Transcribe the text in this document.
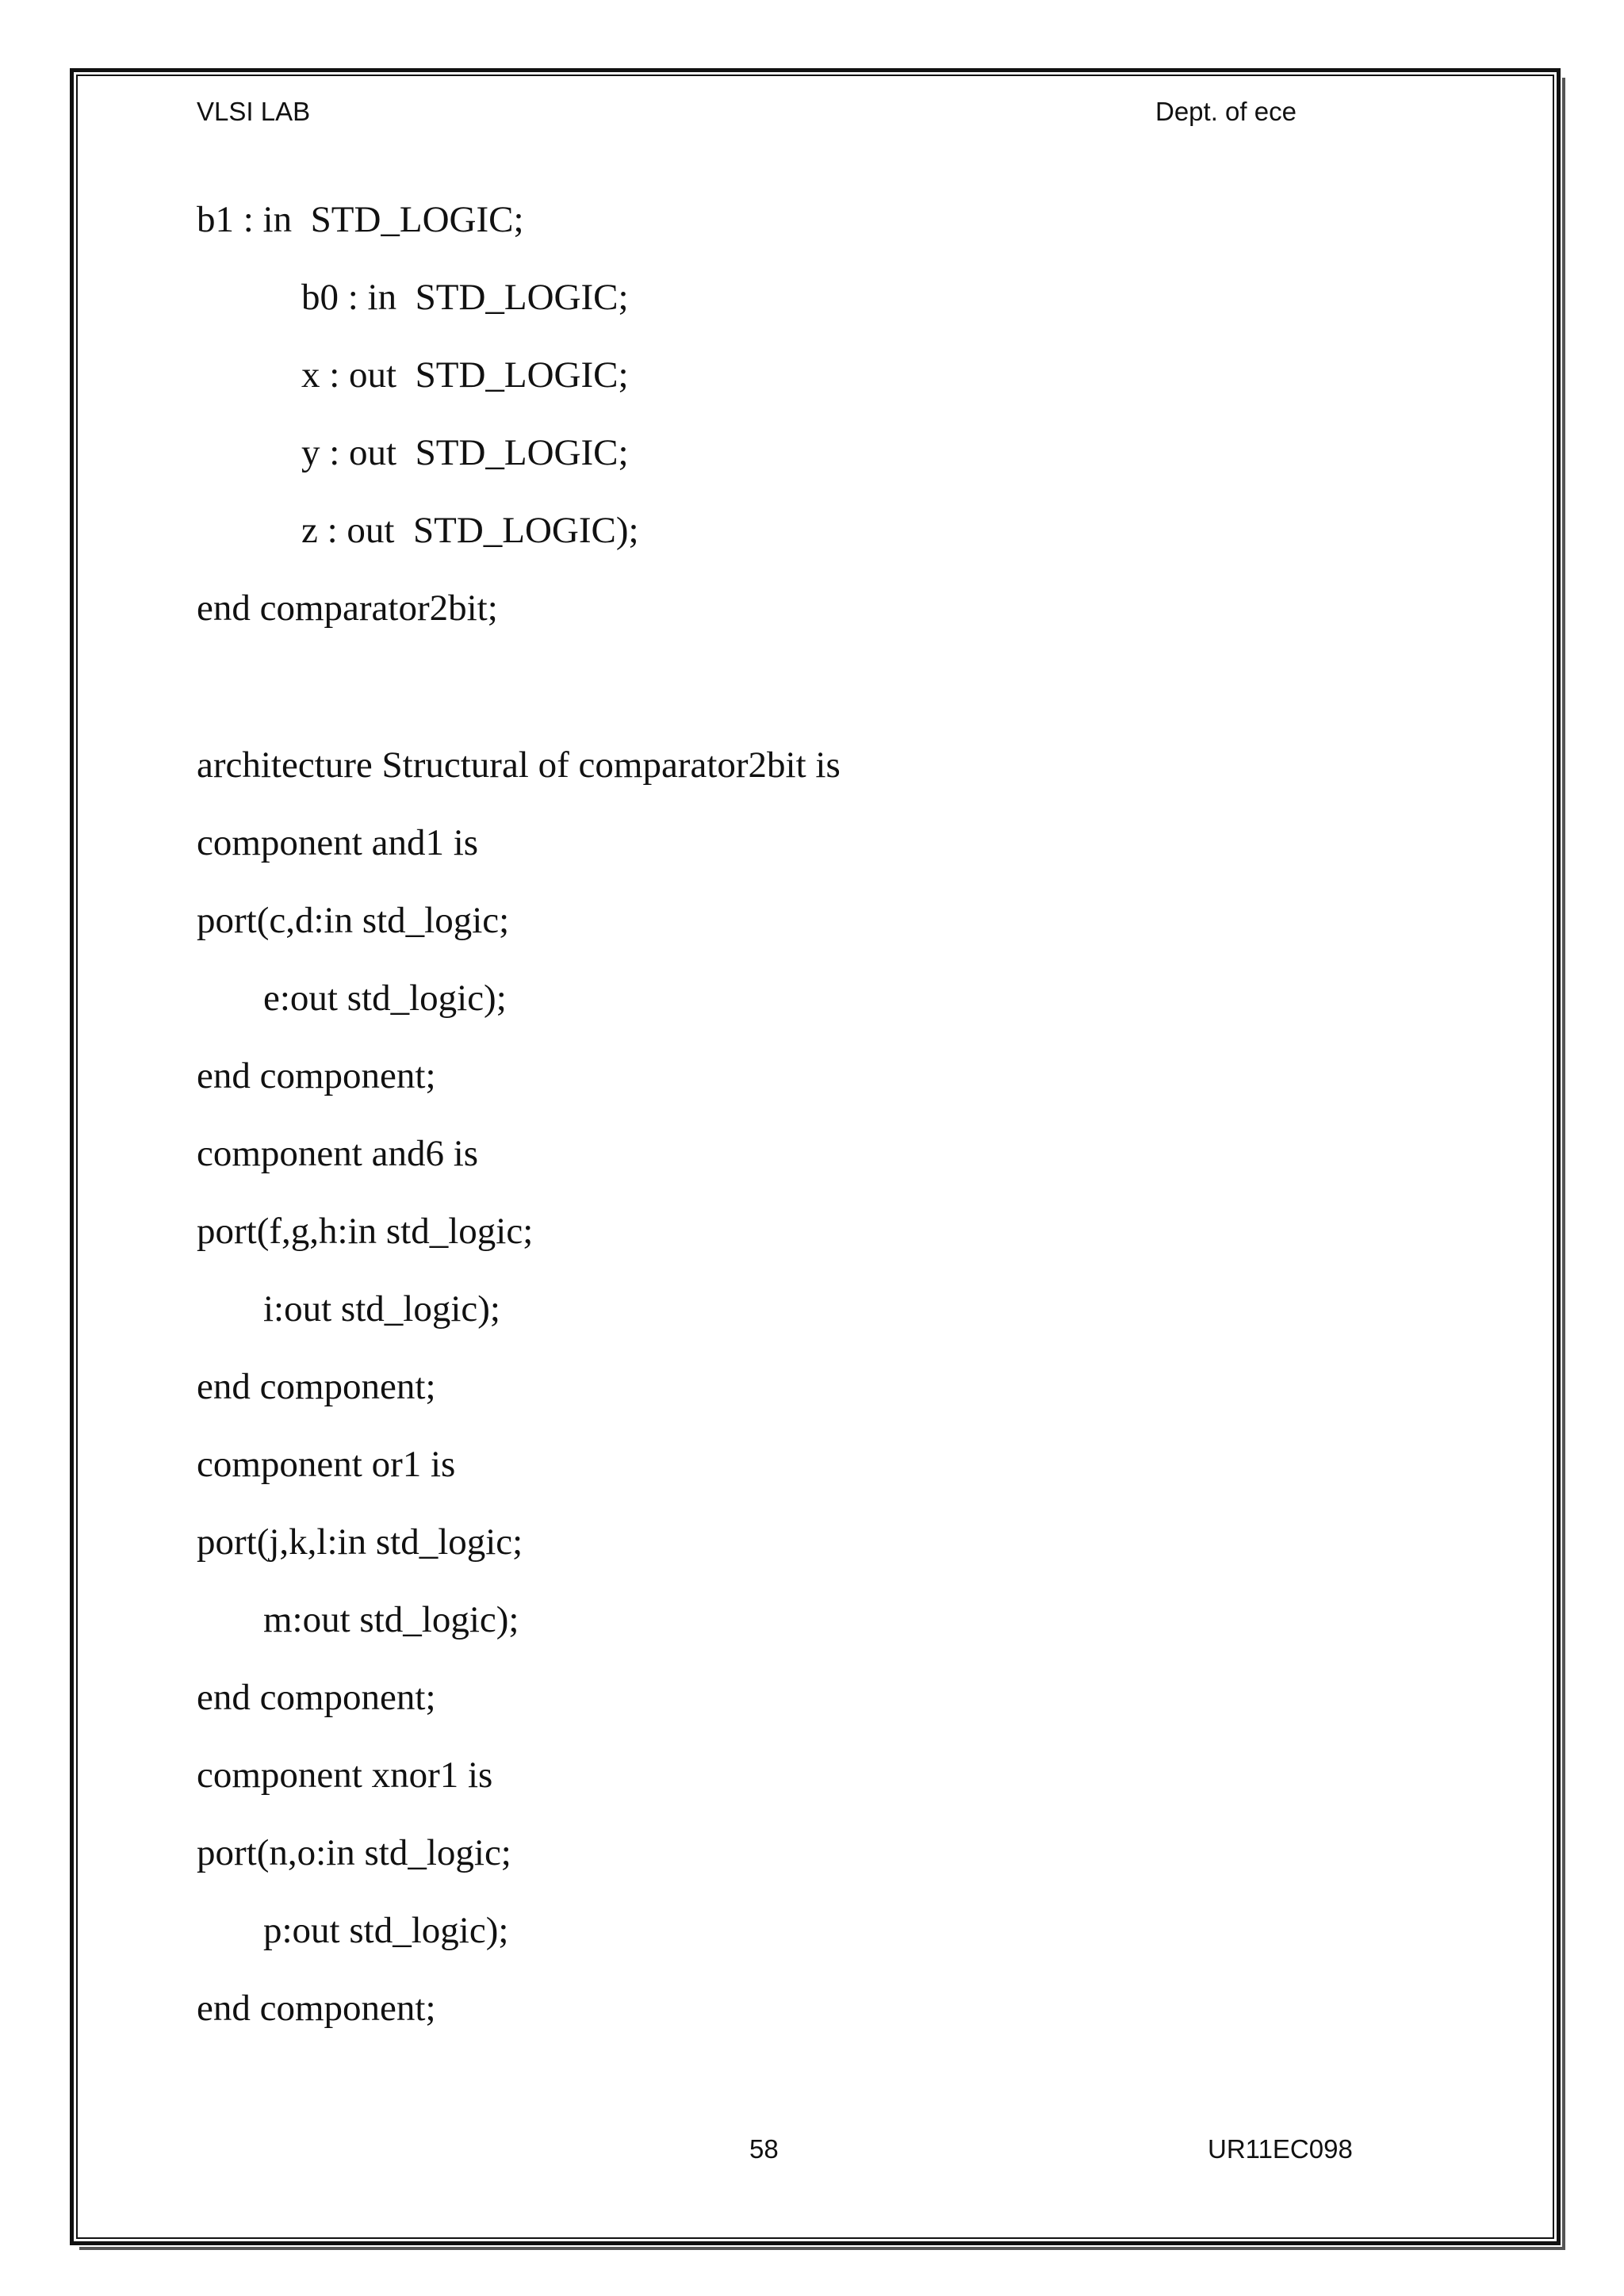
VLSI LAB	Dept. of ece
b1 : in  STD_LOGIC;
b0 : in  STD_LOGIC;
x : out  STD_LOGIC;
y : out  STD_LOGIC;
z : out  STD_LOGIC);
end comparator2bit;
architecture Structural of comparator2bit is
component and1 is
port(c,d:in std_logic;
e:out std_logic);
end component;
component and6 is
port(f,g,h:in std_logic;
i:out std_logic);
end component;
component or1 is
port(j,k,l:in std_logic;
m:out std_logic);
end component;
component xnor1 is
port(n,o:in std_logic;
p:out std_logic);
end component;
58	UR11EC098
